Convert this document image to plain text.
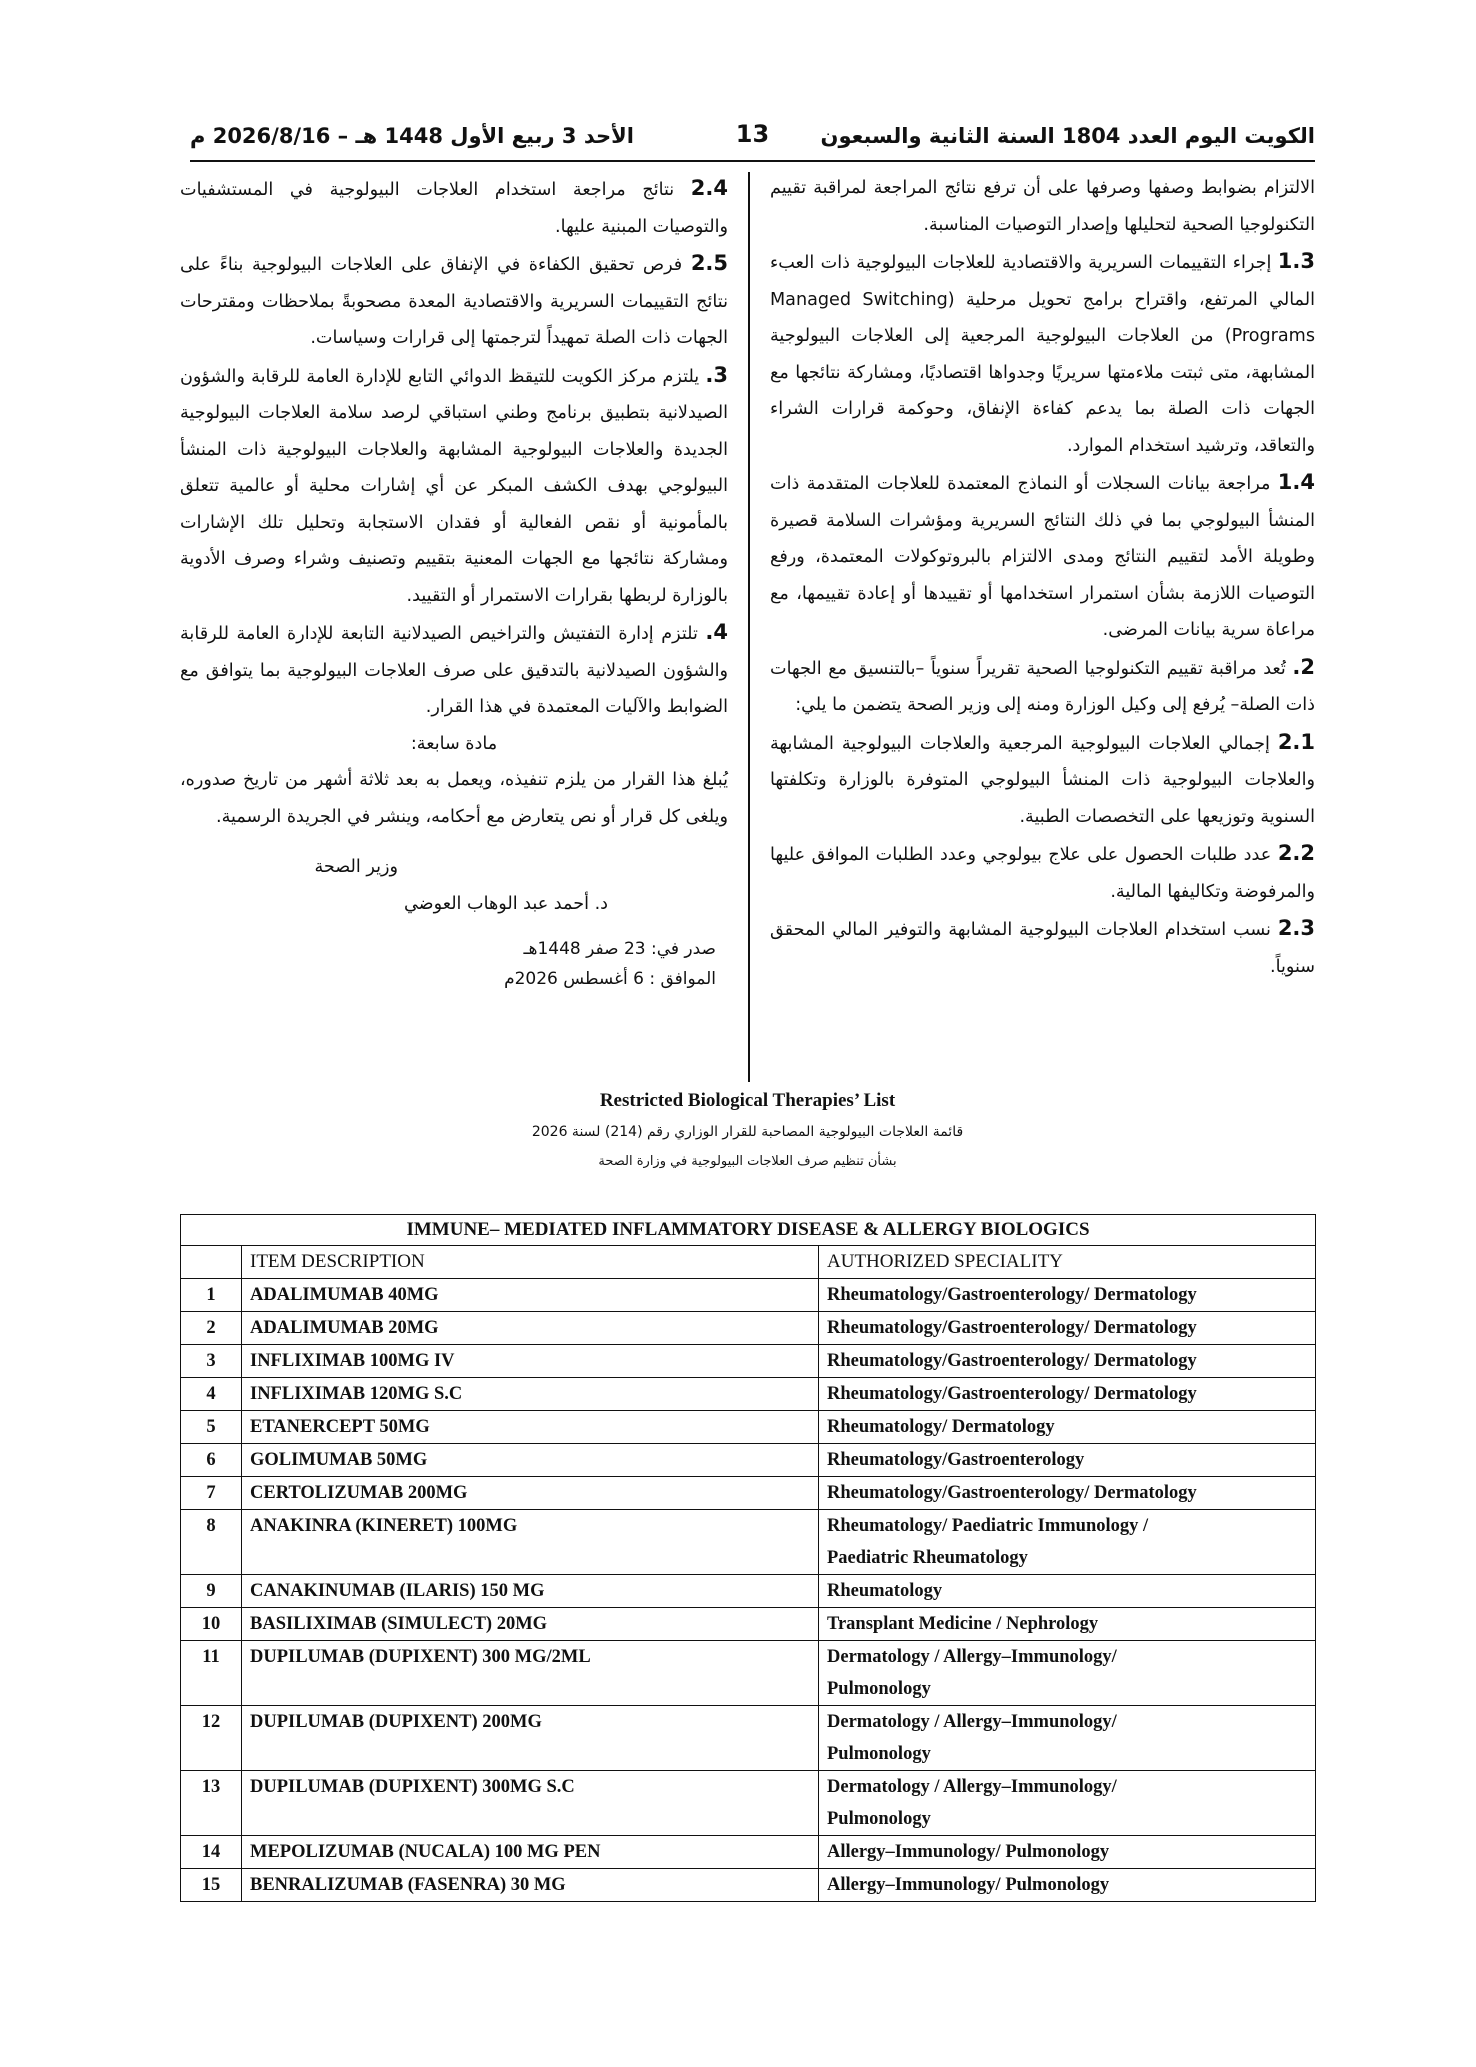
الكويت اليوم العدد 1804 السنة الثانية والسبعون
13
الأحد 3 ربيع الأول 1448 هـ – 2026/8/16 م

الالتزام بضوابط وصفها وصرفها على أن ترفع نتائج المراجعة لمراقبة تقييم التكنولوجيا الصحية لتحليلها وإصدار التوصيات المناسبة.

1.3 إجراء التقييمات السريرية والاقتصادية للعلاجات البيولوجية ذات العبء المالي المرتفع، واقتراح برامج تحويل مرحلية (Managed Switching Programs) من العلاجات البيولوجية المرجعية إلى العلاجات البيولوجية المشابهة، متى ثبتت ملاءمتها سريريًا وجدواها اقتصاديًا، ومشاركة نتائجها مع الجهات ذات الصلة بما يدعم كفاءة الإنفاق، وحوكمة قرارات الشراء والتعاقد، وترشيد استخدام الموارد.

1.4 مراجعة بيانات السجلات أو النماذج المعتمدة للعلاجات المتقدمة ذات المنشأ البيولوجي بما في ذلك النتائج السريرية ومؤشرات السلامة قصيرة وطويلة الأمد لتقييم النتائج ومدى الالتزام بالبروتوكولات المعتمدة، ورفع التوصيات اللازمة بشأن استمرار استخدامها أو تقييدها أو إعادة تقييمها، مع مراعاة سرية بيانات المرضى.

2. تُعد مراقبة تقييم التكنولوجيا الصحية تقريراً سنوياً –بالتنسيق مع الجهات ذات الصلة– يُرفع إلى وكيل الوزارة ومنه إلى وزير الصحة يتضمن ما يلي:

2.1 إجمالي العلاجات البيولوجية المرجعية والعلاجات البيولوجية المشابهة والعلاجات البيولوجية ذات المنشأ البيولوجي المتوفرة بالوزارة وتكلفتها السنوية وتوزيعها على التخصصات الطبية.

2.2 عدد طلبات الحصول على علاج بيولوجي وعدد الطلبات الموافق عليها والمرفوضة وتكاليفها المالية.

2.3 نسب استخدام العلاجات البيولوجية المشابهة والتوفير المالي المحقق سنوياً.

2.4 نتائج مراجعة استخدام العلاجات البيولوجية في المستشفيات والتوصيات المبنية عليها.

2.5 فرص تحقيق الكفاءة في الإنفاق على العلاجات البيولوجية بناءً على نتائج التقييمات السريرية والاقتصادية المعدة مصحوبةً بملاحظات ومقترحات الجهات ذات الصلة تمهيداً لترجمتها إلى قرارات وسياسات.

3. يلتزم مركز الكويت للتيقظ الدوائي التابع للإدارة العامة للرقابة والشؤون الصيدلانية بتطبيق برنامج وطني استباقي لرصد سلامة العلاجات البيولوجية الجديدة والعلاجات البيولوجية المشابهة والعلاجات البيولوجية ذات المنشأ البيولوجي بهدف الكشف المبكر عن أي إشارات محلية أو عالمية تتعلق بالمأمونية أو نقص الفعالية أو فقدان الاستجابة وتحليل تلك الإشارات ومشاركة نتائجها مع الجهات المعنية بتقييم وتصنيف وشراء وصرف الأدوية بالوزارة لربطها بقرارات الاستمرار أو التقييد.

4. تلتزم إدارة التفتيش والتراخيص الصيدلانية التابعة للإدارة العامة للرقابة والشؤون الصيدلانية بالتدقيق على صرف العلاجات البيولوجية بما يتوافق مع الضوابط والآليات المعتمدة في هذا القرار.

مادة سابعة:

يُبلغ هذا القرار من يلزم تنفيذه، ويعمل به بعد ثلاثة أشهر من تاريخ صدوره، ويلغى كل قرار أو نص يتعارض مع أحكامه، وينشر في الجريدة الرسمية.

وزير الصحة

د. أحمد عبد الوهاب العوضي

صدر في: 23 صفر 1448هـ

الموافق : 6 أغسطس 2026م

Restricted Biological Therapies’ List
قائمة العلاجات البيولوجية المصاحبة للقرار الوزاري رقم (214) لسنة 2026
بشأن تنظيم صرف العلاجات البيولوجية في وزارة الصحة
IMMUNE– MEDIATED INFLAMMATORY DISEASE & ALLERGY BIOLOGICS		
	ITEM DESCRIPTION	AUTHORIZED SPECIALITY
1	ADALIMUMAB 40MG	Rheumatology/Gastroenterology/ Dermatology

2	ADALIMUMAB 20MG	Rheumatology/Gastroenterology/ Dermatology

3	INFLIXIMAB 100MG IV	Rheumatology/Gastroenterology/ Dermatology

4	INFLIXIMAB 120MG S.C	Rheumatology/Gastroenterology/ Dermatology

5	ETANERCEPT 50MG	Rheumatology/ Dermatology

6	GOLIMUMAB 50MG	Rheumatology/Gastroenterology

7	CERTOLIZUMAB 200MG	Rheumatology/Gastroenterology/ Dermatology

8	ANAKINRA (KINERET) 100MG	Rheumatology/ Paediatric Immunology /
Paediatric Rheumatology

9	CANAKINUMAB (ILARIS) 150 MG	Rheumatology

10	BASILIXIMAB (SIMULECT) 20MG	Transplant Medicine / Nephrology

11	DUPILUMAB (DUPIXENT) 300 MG/2ML	Dermatology / Allergy–Immunology/
Pulmonology

12	DUPILUMAB (DUPIXENT) 200MG	Dermatology / Allergy–Immunology/
Pulmonology

13	DUPILUMAB (DUPIXENT) 300MG S.C	Dermatology / Allergy–Immunology/
Pulmonology

14	MEPOLIZUMAB (NUCALA) 100 MG PEN	Allergy–Immunology/ Pulmonology

15	BENRALIZUMAB (FASENRA) 30 MG	Allergy–Immunology/ Pulmonology
